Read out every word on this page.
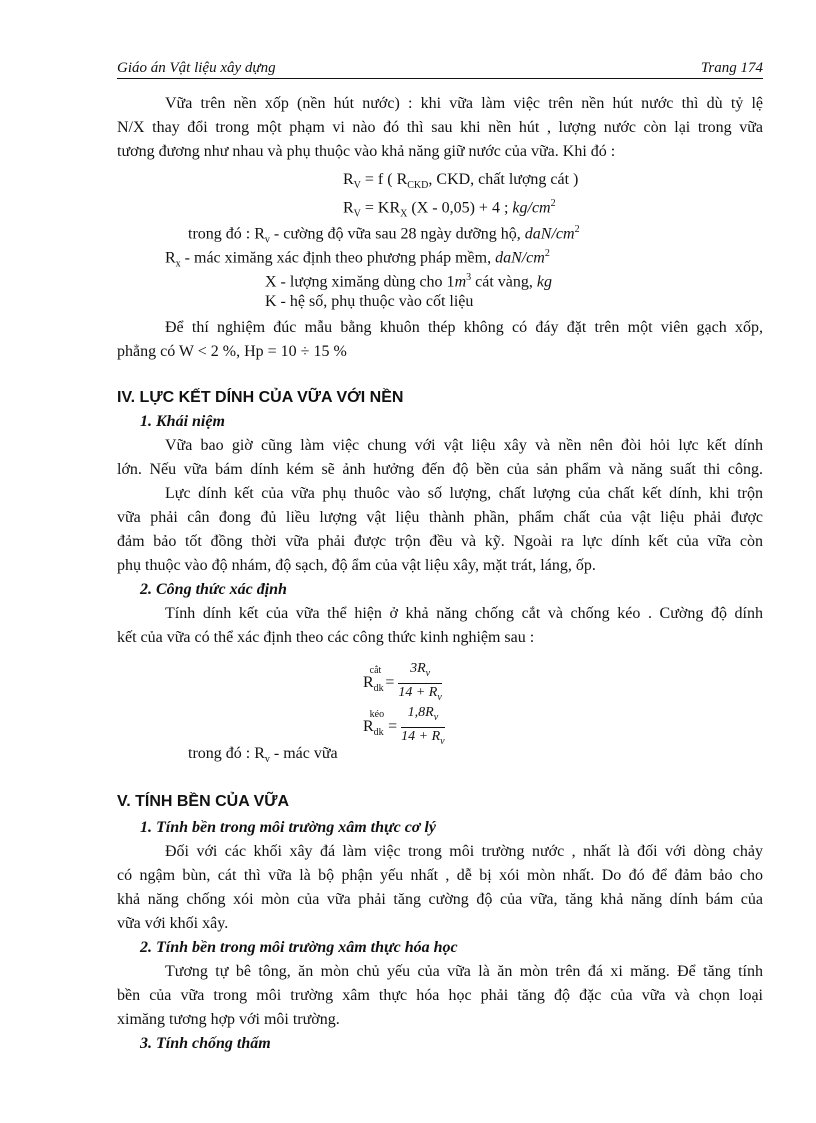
Giáo án Vật liệu xây dựng	Trang 174
Vữa trên nền xốp (nền hút nước) : khi vữa làm việc trên nền hút nước thì dù tỷ lệ
N/X thay đổi trong một phạm vi nào đó thì sau khi nền hút , lượng nước còn lại trong vữa
tương đương như nhau và phụ thuộc vào khả năng giữ nước của vữa. Khi đó :
$R_V = f$ ( $R_{CKD}$, CKD, chất lượng cát )
$R_V = KR_X$ (X - 0,05) + 4 ; $kg/cm^2$
trong đó : $R_v$ - cường độ vữa sau 28 ngày dưỡng hộ, daN/$cm^2$
$R_x$ - mác ximăng xác định theo phương pháp mềm, daN/$cm^2$
X - lượng ximăng dùng cho $1m^3$ cát vàng, kg
K - hệ số, phụ thuộc vào cốt liệu
Để thí nghiệm đúc mẫu bằng khuôn thép không có đáy đặt trên một viên gạch xốp,
phẳng có W < 2 %, Hp = 10 ÷ 15 %
IV. LỰC KẾT DÍNH CỦA VỮA VỚI NỀN
1. Khái niệm
Vữa bao giờ cũng làm việc chung với vật liệu xây và nền nên đòi hỏi lực kết dính
lớn. Nếu vữa bám dính kém sẽ ảnh hưởng đến độ bền của sản phẩm và năng suất thi công.
Lực dính kết của vữa phụ thuôc vào số lượng, chất lượng của chất kết dính, khi trộn
vữa phải cân đong đủ liều lượng vật liệu thành phần, phẩm chất của vật liệu phải được
đảm bảo tốt đồng thời vữa phải được trộn đều và kỹ. Ngoài ra lực dính kết của vữa còn
phụ thuộc vào độ nhám, độ sạch, độ ẩm của vật liệu xây, mặt trát, láng, ốp.
2. Công thức xác định
Tính dính kết của vữa thể hiện ở khả năng chống cắt và chống kéo . Cường độ dính
kết của vữa có thể xác định theo các công thức kinh nghiệm sau :
$R_{dk}^{cắt} = \frac{3R_v}{14 + R_v}$
$R_{dk}^{kéo} = \frac{1,8R_v}{14 + R_v}$
trong đó : $R_v$ - mác vữa
V. TÍNH BỀN CỦA VỮA
1. Tính bền trong môi trường xâm thực cơ lý
Đối với các khối xây đá làm việc trong môi trường nước , nhất là đối với dòng chảy
có ngậm bùn, cát thì vữa là bộ phận yếu nhất , dễ bị xói mòn nhất. Do đó để đảm bảo cho
khả năng chống xói mòn của vữa phải tăng cường độ của vữa, tăng khả năng dính bám của
vữa với khối xây.
2. Tính bền trong môi trường xâm thực hóa học
Tương tự bê tông, ăn mòn chủ yếu của vữa là ăn mòn trên đá xi măng. Để tăng tính
bền của vữa trong môi trường xâm thực hóa học phải tăng độ đặc của vữa và chọn loại
ximăng tương hợp với môi trường.
3. Tính chống thấm
